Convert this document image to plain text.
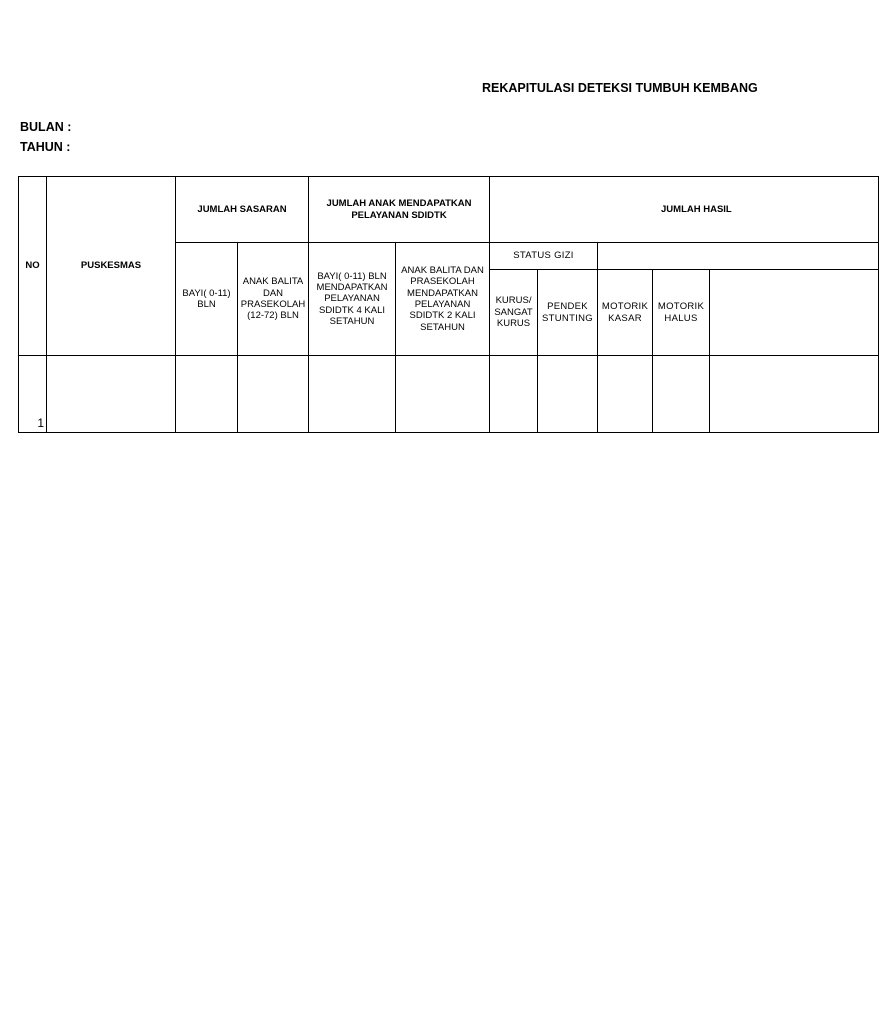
REKAPITULASI DETEKSI TUMBUH KEMBANG
BULAN :
TAHUN :
NO	PUSKESMAS	JUMLAH SASARAN		JUMLAH ANAK MENDAPATKAN PELAYANAN SDIDTK		JUMLAH HASIL				
		BAYI( 0-11) BLN	ANAK BALITA DAN PRASEKOLAH (12-72) BLN	BAYI( 0-11) BLN MENDAPATKAN PELAYANAN SDIDTK 4 KALI SETAHUN	ANAK BALITA DAN PRASEKOLAH MENDAPATKAN PELAYANAN SDIDTK 2 KALI SETAHUN	STATUS GIZI				
						KURUS/ SANGAT KURUS	PENDEK STUNTING	MOTORIK KASAR	MOTORIK HALUS	
1										
